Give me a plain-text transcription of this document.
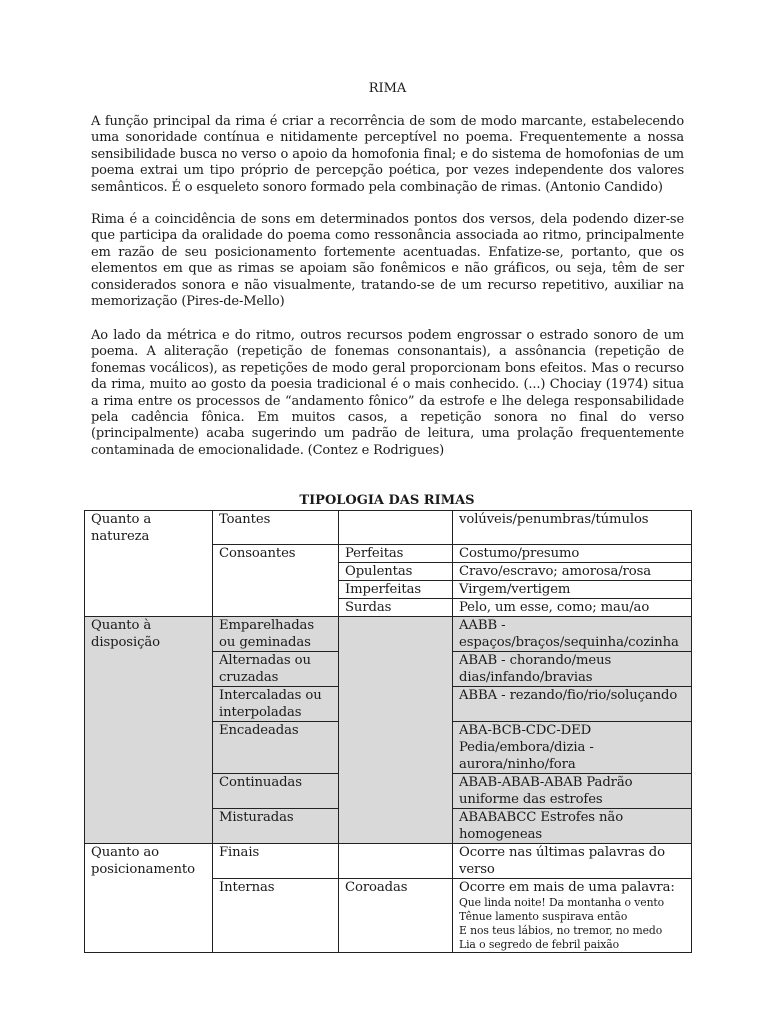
RIMA

A função principal da rima é criar a recorrência de som de modo marcante, estabelecendo uma sonoridade contínua e nitidamente perceptível no poema. Frequentemente a nossa sensibilidade busca no verso o apoio da homofonia final; e do sistema de homofonias de um poema extrai um tipo próprio de percepção poética, por vezes independente dos valores semânticos. É o esqueleto sonoro formado pela combinação de rimas. (Antonio Candido)

Rima é a coincidência de sons em determinados pontos dos versos, dela podendo dizer-se que participa da oralidade do poema como ressonância associada ao ritmo, principalmente em razão de seu posicionamento fortemente acentuadas. Enfatize-se, portanto, que os elementos em que as rimas se apoiam são fonêmicos e não gráficos, ou seja, têm de ser considerados sonora e não visualmente, tratando-se de um recurso repetitivo, auxiliar na memorização (Pires-de-Mello)

Ao lado da métrica e do ritmo, outros recursos podem engrossar o estrado sonoro de um poema. A aliteração (repetição de fonemas consonantais), a assônancia (repetição de fonemas vocálicos), as repetições de modo geral proporcionam bons efeitos. Mas o recurso da rima, muito ao gosto da poesia tradicional é o mais conhecido. (...) Chociay (1974) situa a rima entre os processos de “andamento fônico” da estrofe e lhe delega responsabilidade pela cadência fônica. Em muitos casos, a repetição sonora no final do verso (principalmente) acaba sugerindo um padrão de leitura, uma prolação frequentemente contaminada de emocionalidade. (Contez e Rodrigues)

TIPOLOGIA DAS RIMAS
Quanto a natureza	Toantes		volúveis/penumbras/túmulos
	Consoantes	Perfeitas	Costumo/presumo
		Opulentas	Cravo/escravo; amorosa/rosa
		Imperfeitas	Virgem/vertigem
		Surdas	Pelo, um esse, como; mau/ao
Quanto à disposição	Emparelhadas ou geminadas		AABB - espaços/braços/sequinha/cozinha
	Alternadas ou cruzadas		ABAB - chorando/meus dias/infando/bravias
	Intercaladas ou interpoladas		ABBA - rezando/fio/rio/soluçando
	Encadeadas		ABA-BCB-CDC-DED Pedia/embora/dizia - aurora/ninho/fora
	Continuadas		ABAB-ABAB-ABAB Padrão uniforme das estrofes
	Misturadas		ABABABCC Estrofes não homogeneas
Quanto ao posicionamento	Finais		Ocorre nas últimas palavras do verso
	Internas	Coroadas	Ocorre em mais de uma palavra:
Que linda noite! Da montanha o vento
Tênue lamento suspirava então
E nos teus lábios, no tremor, no medo
Lia o segredo de febril paixão
